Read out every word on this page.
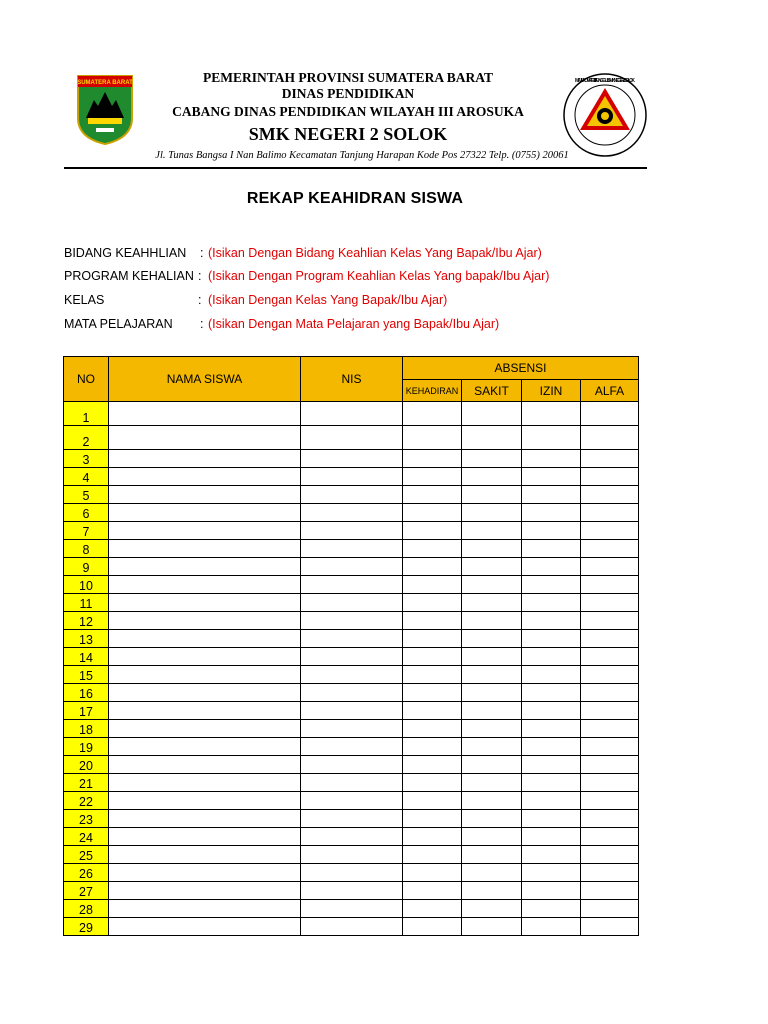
SUMATERA BARAT	PEMERINTAH PROVINSI SUMATERA BARAT
DINAS PENDIDIKAN
CABANG DINAS PENDIDIKAN WILAYAH III AROSUKA
SMK NEGERI 2 SOLOK
MAJU · KOMPETITIF · UNGGUL · SMK NEGERI 2 SOLOK
Jl. Tunas Bangsa I Nan Balimo Kecamatan Tanjung Harapan Kode Pos 27322 Telp. (0755) 20061
REKAP KEAHIDRAN SISWA
BIDANG KEAHHLIAN	: (Isikan Dengan Bidang Keahlian Kelas Yang Bapak/Ibu Ajar)
PROGRAM KEHALIAN : (Isikan Dengan Program Keahlian Kelas Yang bapak/Ibu Ajar)
KELAS	: (Isikan Dengan Kelas Yang Bapak/Ibu Ajar)
MATA PELAJARAN	: (Isikan Dengan Mata Pelajaran yang Bapak/Ibu Ajar)
NO	NAMA SISWA	NIS	ABSENSI			
			KEHADIRAN	SAKIT	IZIN	ALFA
1						
2						
3						
4						
5						
6						
7						
8						
9						
10						
11						
12						
13						
14						
15						
16						
17						
18						
19						
20						
21						
22						
23						
24						
25						
26						
27						
28						
29						
